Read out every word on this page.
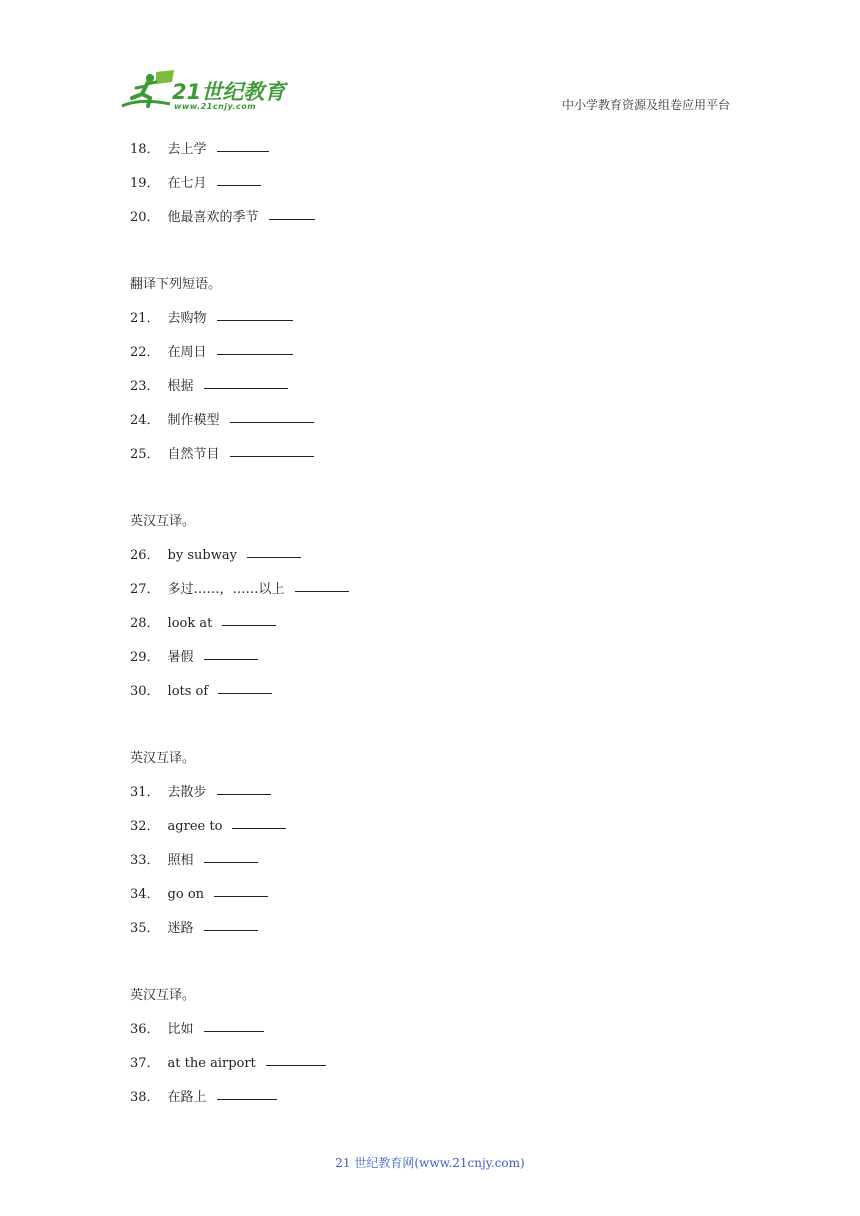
21世纪教育
www.21cnjy.com	中小学教育资源及组卷应用平台
18． 去上学
19． 在七月
20． 他最喜欢的季节
翻译下列短语。
21． 去购物
22． 在周日
23． 根据
24． 制作模型
25． 自然节目
英汉互译。
26． by subway
27． 多过……，……以上
28． look at
29． 暑假
30． lots of
英汉互译。
31． 去散步
32． agree to
33． 照相
34． go on
35． 迷路
英汉互译。
36． 比如
37． at the airport
38． 在路上
21 世纪教育网(www.21cnjy.com)
